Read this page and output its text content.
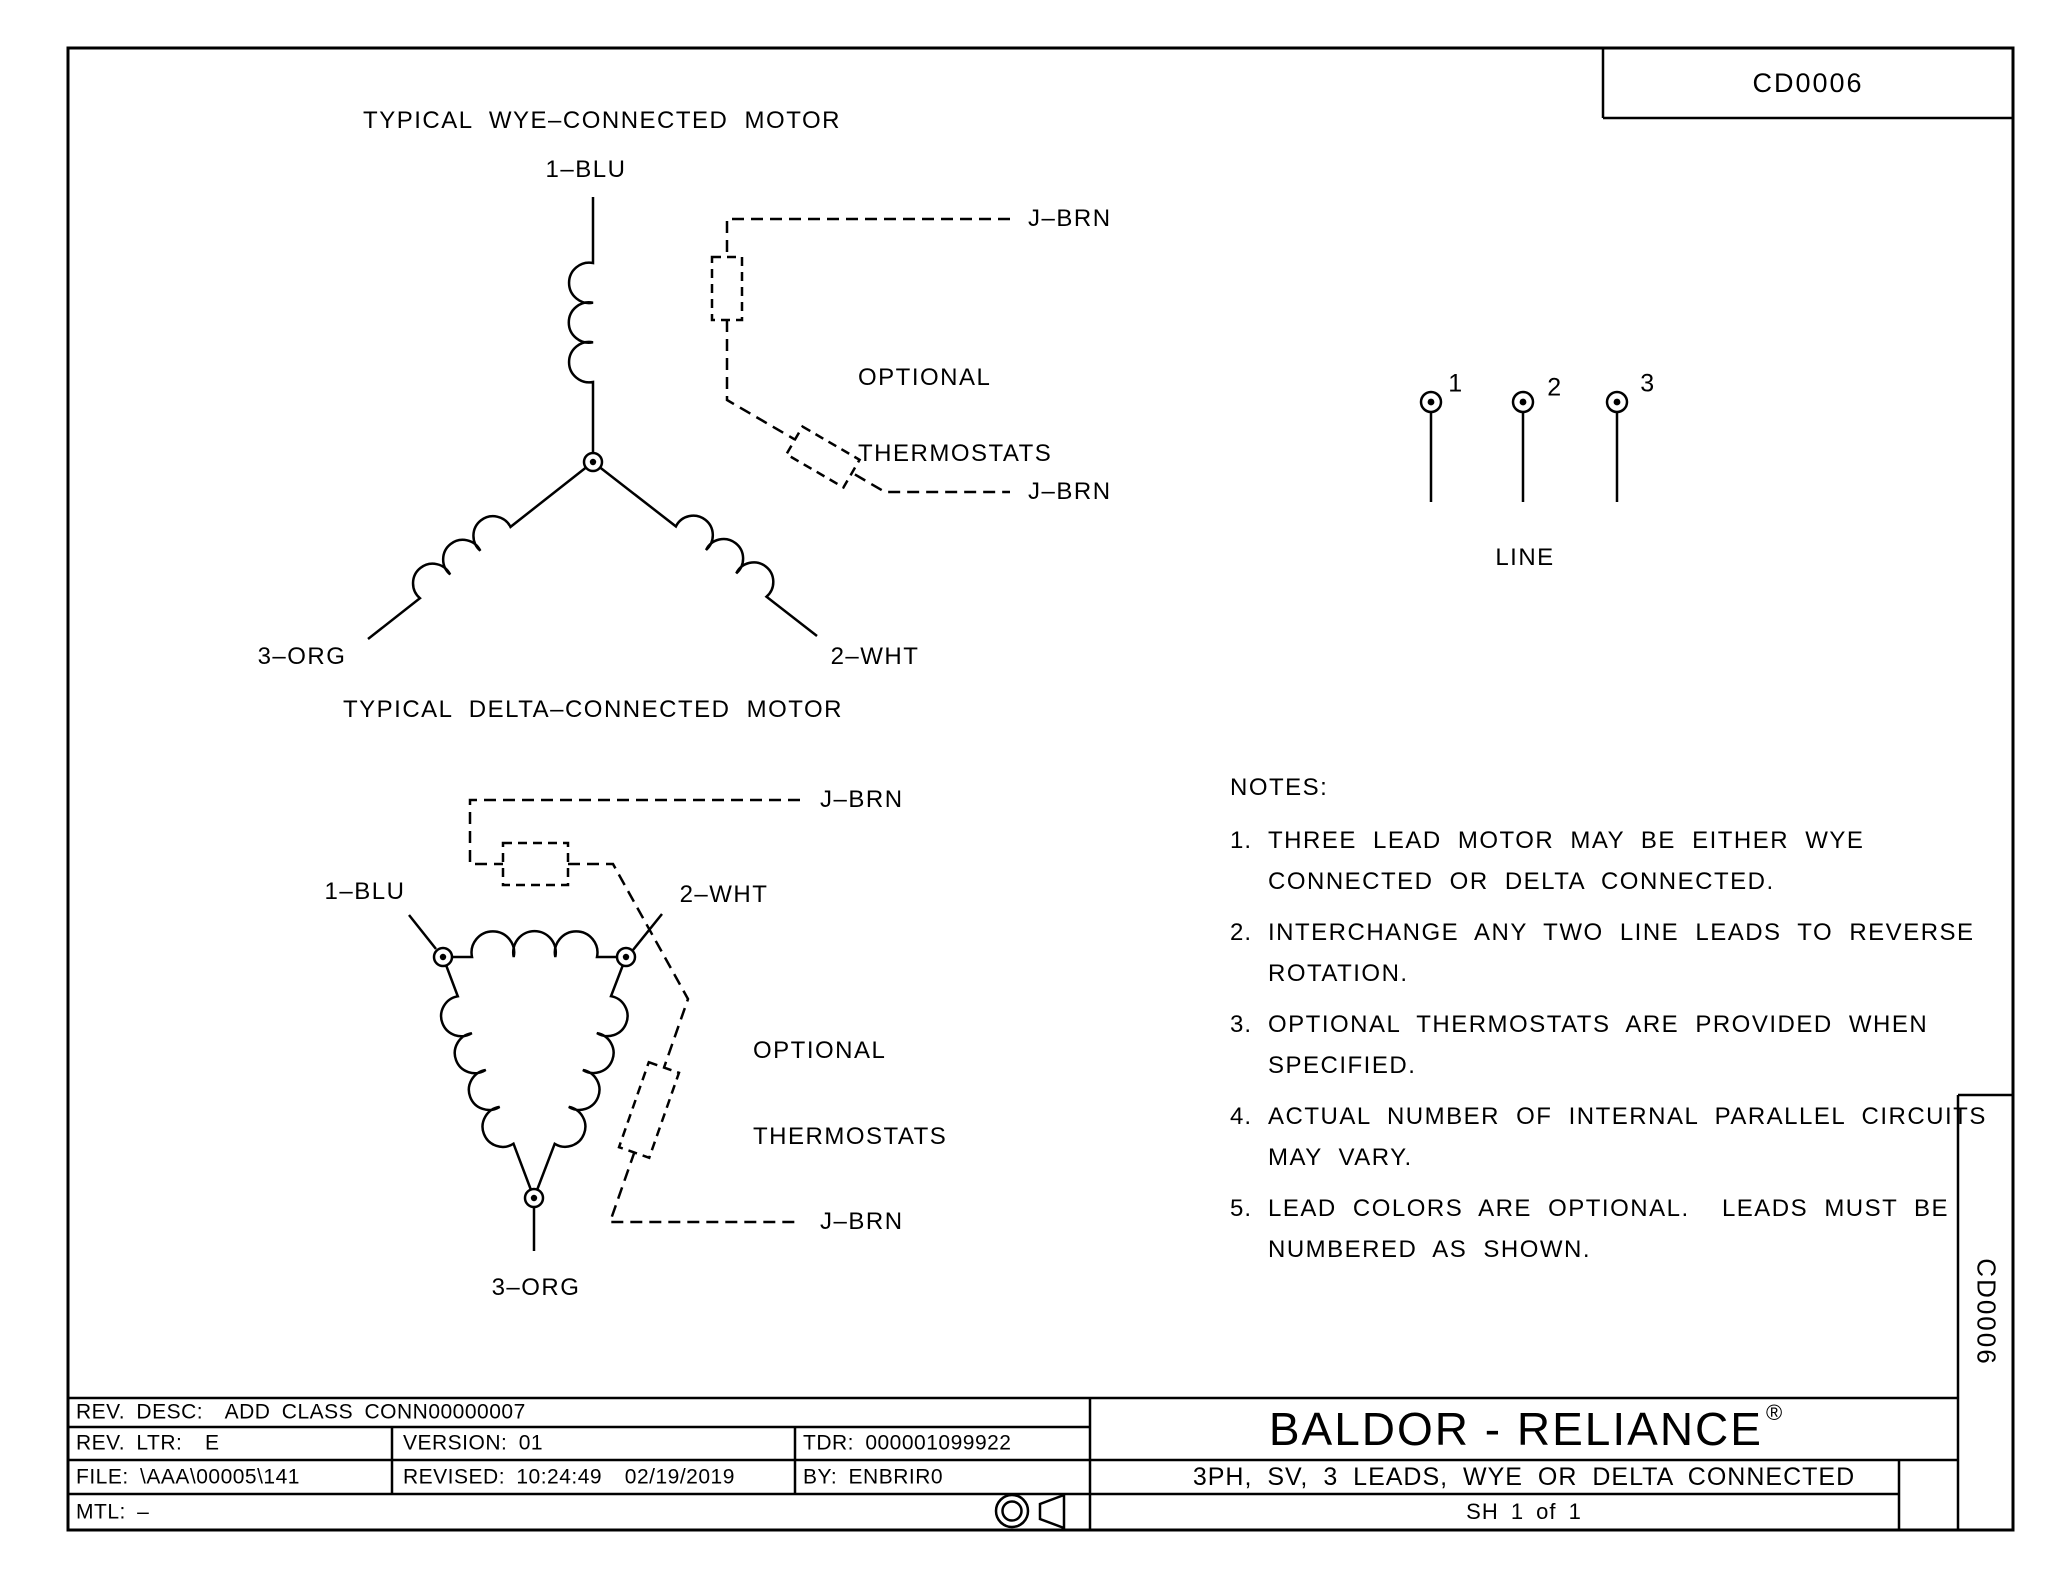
TYPICAL WYE–CONNECTED MOTOR
1–BLU
3–ORG	2–WHT
J–BRN
J–BRN

OPTIONAL

THERMOSTATS

1	2	3
LINE
TYPICAL DELTA–CONNECTED MOTOR
J–BRN
1–BLU	2–WHT
3–ORG

OPTIONAL

THERMOSTATS

J–BRN
NOTES:
1. THREE LEAD MOTOR MAY BE EITHER WYE
CONNECTED OR DELTA CONNECTED.
2. INTERCHANGE ANY TWO LINE LEADS TO REVERSE
ROTATION.
3. OPTIONAL THERMOSTATS ARE PROVIDED WHEN
SPECIFIED.
4. ACTUAL NUMBER OF INTERNAL PARALLEL CIRCUITS
MAY VARY.
5. LEAD COLORS ARE OPTIONAL.  LEADS MUST BE
NUMBERED AS SHOWN.
REV. DESC:  ADD CLASS CONN00000007
REV. LTR:  E	VERSION: 01	TDR: 000001099922
FILE: \AAA\00005\141	REVISED: 10:24:49  02/19/2019	BY: ENBRIR0
MTL: –
BALDOR - RELIANCE ®
3PH, SV, 3 LEADS, WYE OR DELTA CONNECTED
SH 1 of 1
CD0006
CD0006
